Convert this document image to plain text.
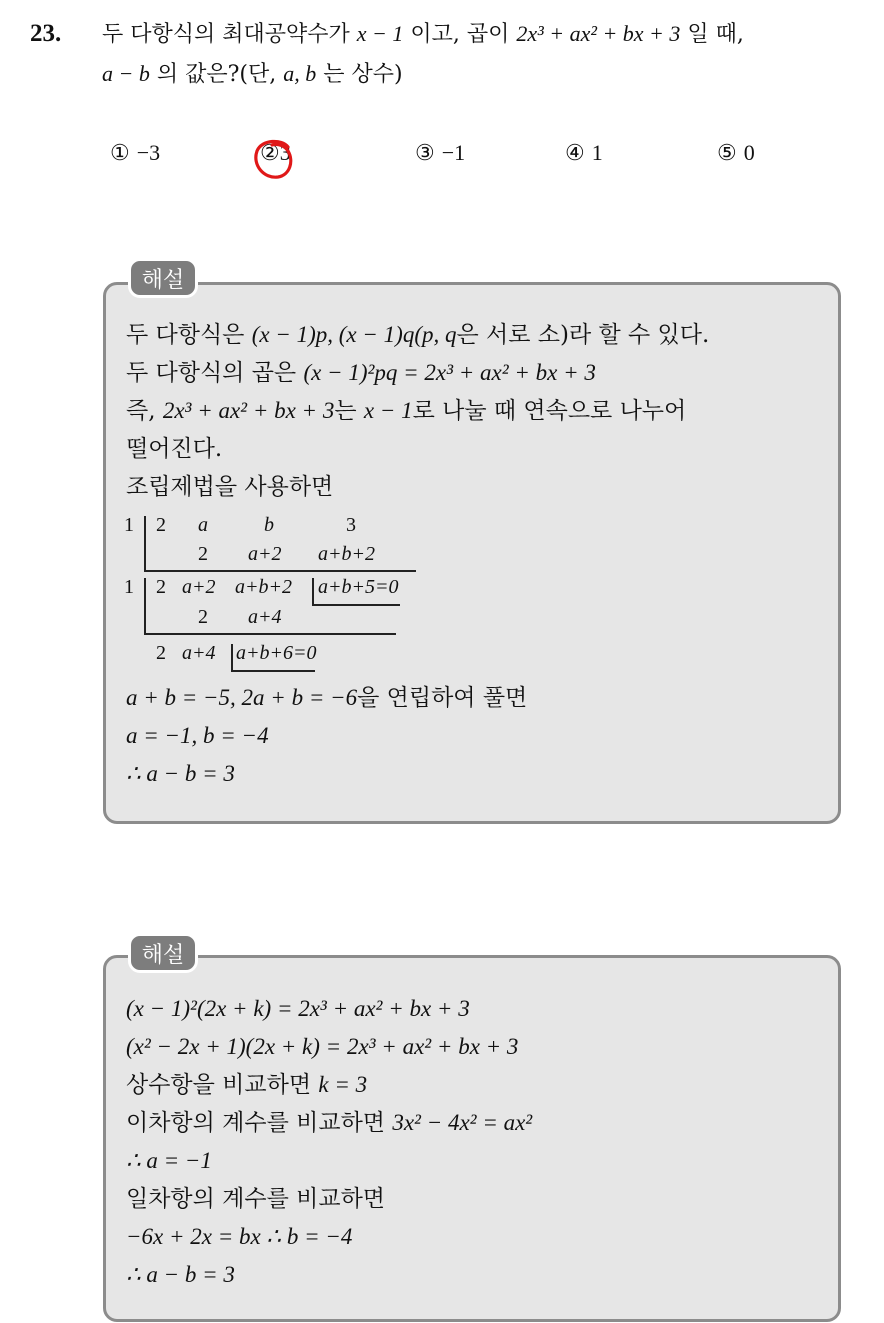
23. 두 다항식의 최대공약수가 x − 1 이고, 곱이 2x³ + ax² + bx + 3 일 때,
a − b 의 값은?(단, a, b 는 상수)
① −3	②3	③ −1	④ 1	⑤ 0
해설
두 다항식은 (x − 1)p, (x − 1)q(p, q은 서로 소)라 할 수 있다.
두 다항식의 곱은 (x − 1)²pq = 2x³ + ax² + bx + 3
즉, 2x³ + ax² + bx + 3는 x − 1로 나눌 때 연속으로 나누어
떨어진다.
조립제법을 사용하면
1 2 a	b	3
2 a+2 a+b+2
1 2 a+2 a+b+2 a+b+5=0
2 a+4
2 a+4 a+b+6=0
a + b = −5, 2a + b = −6을 연립하여 풀면
a = −1, b = −4
∴ a − b = 3
해설
(x − 1)²(2x + k) = 2x³ + ax² + bx + 3
(x² − 2x + 1)(2x + k) = 2x³ + ax² + bx + 3
상수항을 비교하면 k = 3
이차항의 계수를 비교하면 3x² − 4x² = ax²
∴ a = −1
일차항의 계수를 비교하면
−6x + 2x = bx ∴ b = −4
∴ a − b = 3
